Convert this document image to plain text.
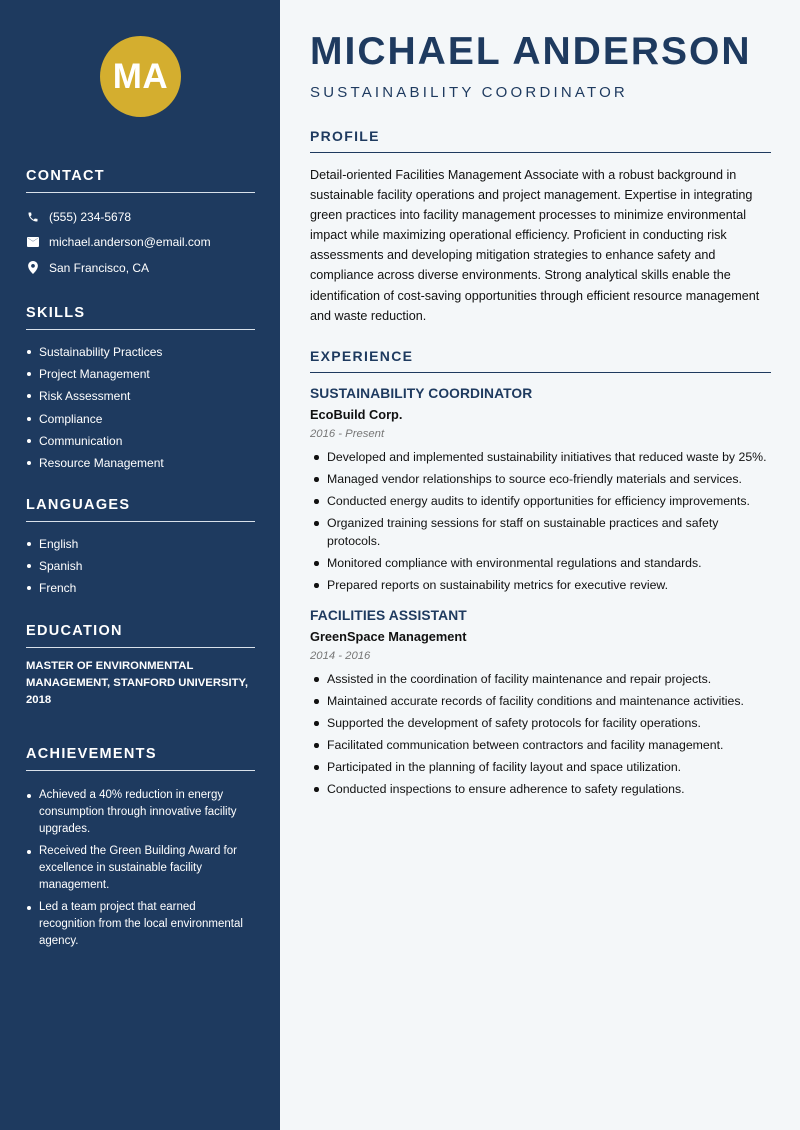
MA
CONTACT
(555) 234-5678
michael.anderson@email.com
San Francisco, CA
SKILLS
Sustainability Practices
Project Management
Risk Assessment
Compliance
Communication
Resource Management
LANGUAGES
English
Spanish
French
EDUCATION
MASTER OF ENVIRONMENTAL MANAGEMENT, STANFORD UNIVERSITY, 2018
ACHIEVEMENTS
Achieved a 40% reduction in energy consumption through innovative facility upgrades.
Received the Green Building Award for excellence in sustainable facility management.
Led a team project that earned recognition from the local environmental agency.
MICHAEL ANDERSON
SUSTAINABILITY COORDINATOR
PROFILE

Detail-oriented Facilities Management Associate with a robust background in sustainable facility operations and project management. Expertise in integrating green practices into facility management processes to minimize environmental impact while maximizing operational efficiency. Proficient in conducting risk assessments and developing mitigation strategies to enhance safety and compliance across diverse environments. Strong analytical skills enable the identification of cost-saving opportunities through efficient resource management and waste reduction.

EXPERIENCE
SUSTAINABILITY COORDINATOR
EcoBuild Corp.
2016 - Present
Developed and implemented sustainability initiatives that reduced waste by 25%.
Managed vendor relationships to source eco-friendly materials and services.
Conducted energy audits to identify opportunities for efficiency improvements.
Organized training sessions for staff on sustainable practices and safety protocols.
Monitored compliance with environmental regulations and standards.
Prepared reports on sustainability metrics for executive review.
FACILITIES ASSISTANT
GreenSpace Management
2014 - 2016
Assisted in the coordination of facility maintenance and repair projects.
Maintained accurate records of facility conditions and maintenance activities.
Supported the development of safety protocols for facility operations.
Facilitated communication between contractors and facility management.
Participated in the planning of facility layout and space utilization.
Conducted inspections to ensure adherence to safety regulations.
